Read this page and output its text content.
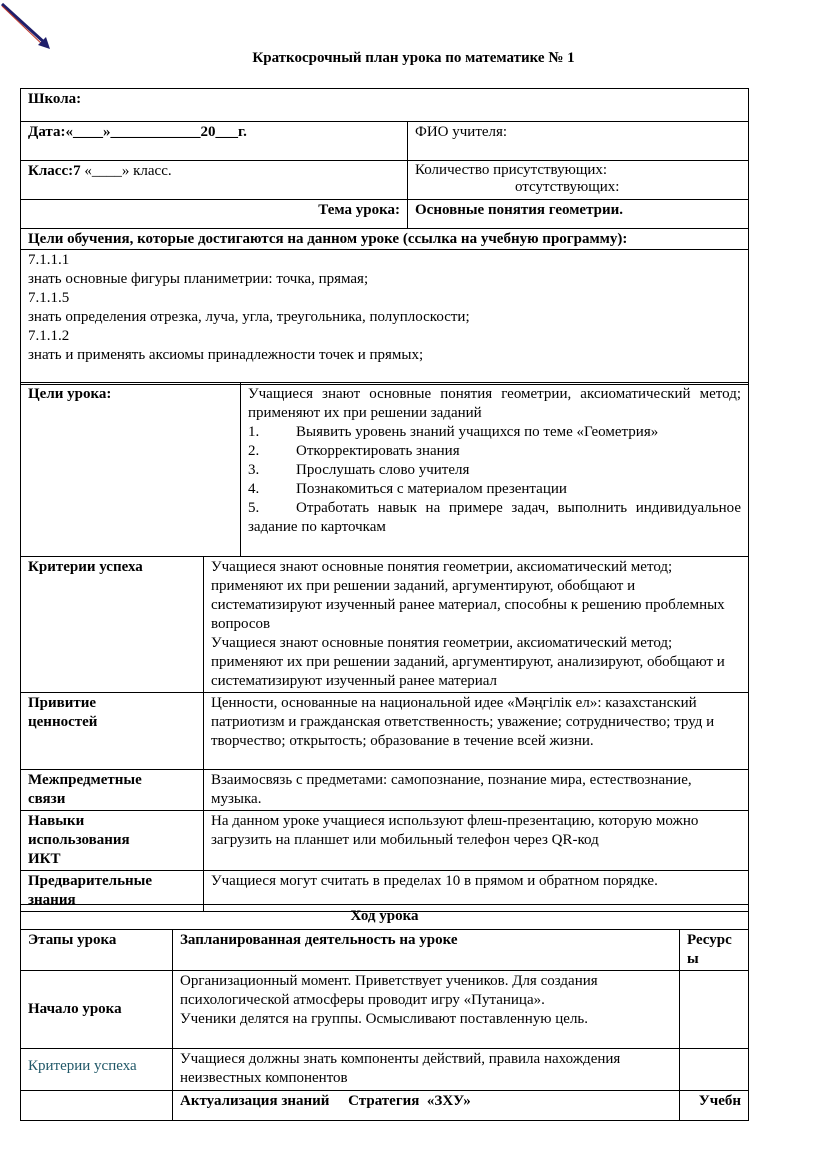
Краткосрочный план урока по математике № 1
Школа:	
Дата:«____»____________20___г.	ФИО учителя:
Класс:7 «____» класс.	Количество присутствующих:
отсутствующих:

Тема урока:	Основные понятия геометрии.
Цели обучения, которые достигаются на данном уроке (ссылка на учебную программу):	

7.1.1.1
знать основные фигуры планиметрии: точка, прямая;
7.1.1.5
знать определения отрезка, луча, угла, треугольника, полуплоскости;
7.1.1.2
знать и применять аксиомы принадлежности точек и прямых;
Цели урока:	Учащиеся знают основные понятия геометрии, аксиоматический метод; применяют их при решении заданий
1. Выявить уровень знаний учащихся по теме «Геометрия»
2. Откорректировать знания
3. Прослушать слово учителя
4. Познакомиться с материалом презентации
5. Отработать навык на примере задач, выполнить индивидуальное задание по карточкам
Критерии успеха	Учащиеся знают основные понятия геометрии, аксиоматический метод; применяют их при решении заданий, аргументируют, обобщают и систематизируют изученный ранее материал, способны к решению проблемных вопросов
Учащиеся знают основные понятия геометрии, аксиоматический метод; применяют их при решении заданий, аргументируют, анализируют, обобщают и систематизируют изученный ранее материал

Привитие ценностей	Ценности, основанные на национальной идее «Мәңгілік ел»: казахстанский патриотизм и гражданская ответственность; уважение; сотрудничество; труд и творчество; открытость; образование в течение всей жизни.
Межпредметные связи	Взаимосвязь с предметами: самопознание, познание мира, естествознание, музыка.
Навыки использования ИКТ	На данном уроке учащиеся используют флеш-презентацию, которую можно загрузить на планшет или мобильный телефон через QR-код
Предварительные знания	Учащиеся могут считать в пределах 10 в прямом и обратном порядке.
Ход урока		
Этапы урока	Запланированная деятельность на уроке	Ресурсы
Начало урока	Организационный момент. Приветствует учеников. Для создания психологической атмосферы проводит игру «Путаница».
Ученики делятся на группы. Осмысливают поставленную цель.	

Критерии успеха	Учащиеся должны знать компоненты действий, правила нахождения неизвестных компонентов	
	Актуализация знаний     Стратегия  «ЗХУ»	Учебн
